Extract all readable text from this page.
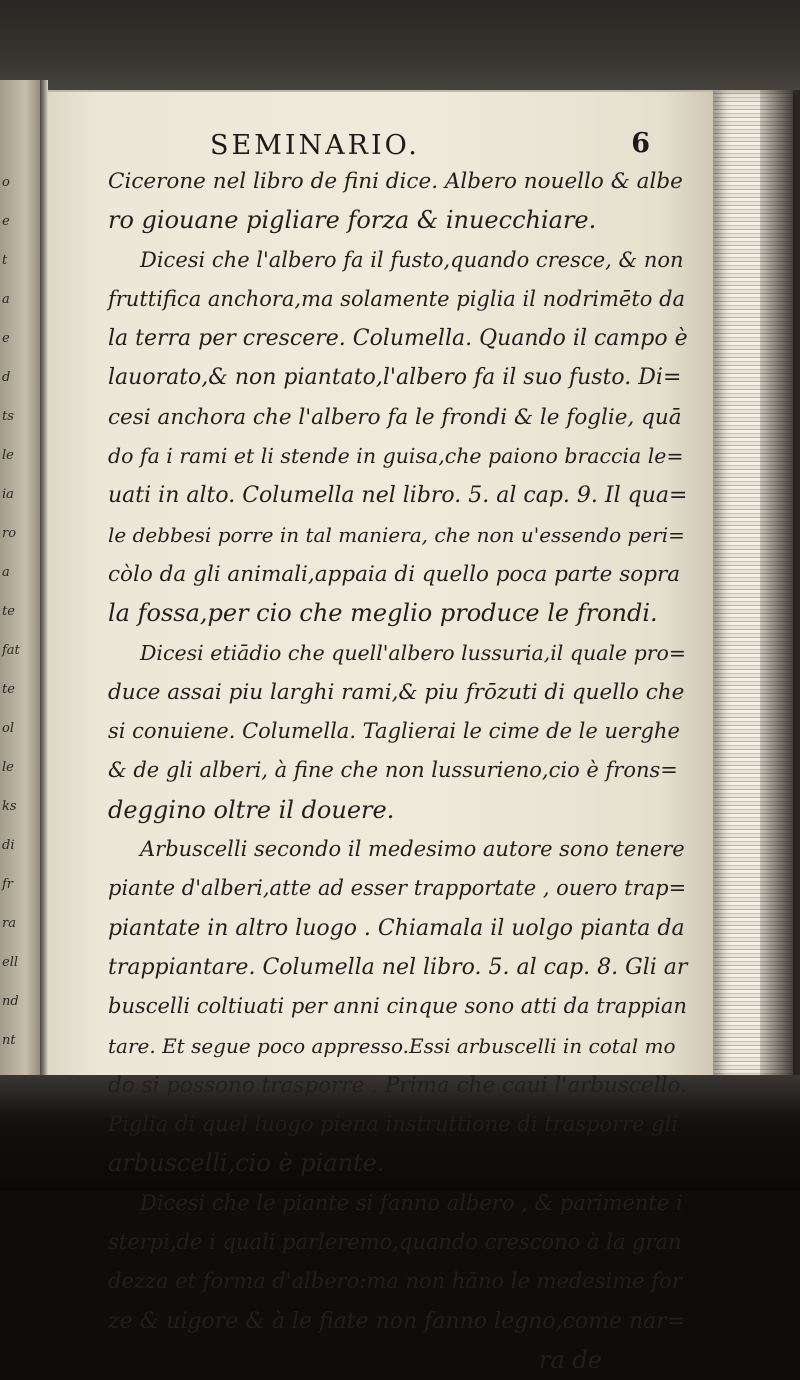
o
e
t
a
e
d
ts
le
ia
ro
a
te
fat
te
ol
le
ks
di
fr
ra
ell
nd
nt
SEMINARIO.	6
Cicerone nel libro de fini dice. Albero nouello & albe
ro giouane pigliare forza & inuecchiare.
Dicesi che l'albero fa il fusto,quando cresce, & non
fruttifica anchora,ma solamente piglia il nodrimēto da
la terra per crescere. Columella. Quando il campo è
lauorato,& non piantato,l'albero fa il suo fusto. Di=
cesi anchora che l'albero fa le frondi & le foglie, quā
do fa i rami et li stende in guisa,che paiono braccia le=
uati in alto. Columella nel libro. 5. al cap. 9. Il qua=
le debbesi porre in tal maniera, che non u'essendo peri=
còlo da gli animali,appaia di quello poca parte sopra
la fossa,per cio che meglio produce le frondi.
Dicesi etiādio che quell'albero lussuria,il quale pro=
duce assai piu larghi rami,& piu frōzuti di quello che
si conuiene. Columella. Taglierai le cime de le uerghe
& de gli alberi, à fine che non lussurieno,cio è frons=
deggino oltre il douere.
Arbuscelli secondo il medesimo autore sono tenere
piante d'alberi,atte ad esser trapportate , ouero trap=
piantate in altro luogo . Chiamala il uolgo pianta da
trappiantare. Columella nel libro. 5. al cap. 8. Gli ar
buscelli coltiuati per anni cinque sono atti da trappian
tare. Et segue poco appresso.Essi arbuscelli in cotal mo
do si possono trasporre . Prima che caui l'arbuscello.
Piglia di quel luogo piena instruttione di trasporre gli
arbuscelli,cio è piante.
Dicesi che le piante si fanno albero , & parimente i
sterpi,de i quali parleremo,quando crescono à la gran
dezza et forma d'albero:ma non hāno le medesime for
ze & uigore & à le fiate non fanno legno,come nar=
ra de
